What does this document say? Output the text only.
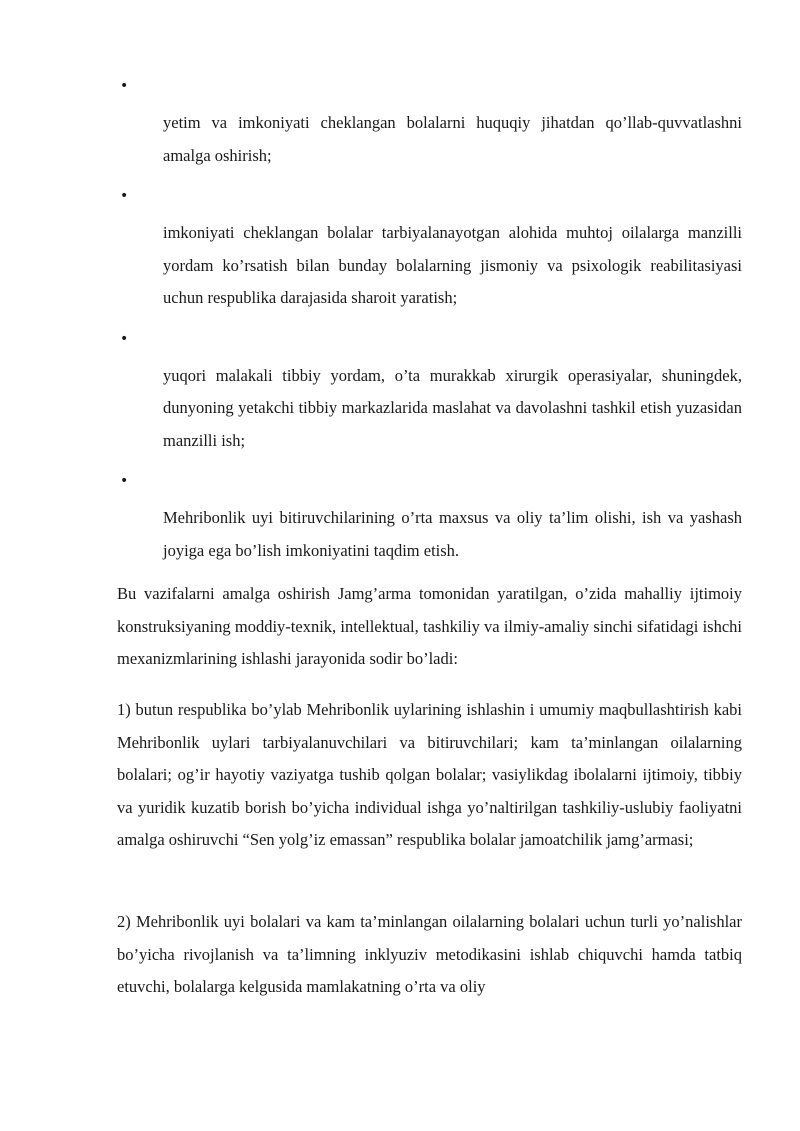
•
yetim va imkoniyati cheklangan bolalarni huquqiy jihatdan qo’llab-quvvatlashni amalga oshirish;
•
imkoniyati cheklangan bolalar tarbiyalanayotgan alohida muhtoj oilalarga manzilli yordam ko’rsatish bilan bunday bolalarning jismoniy va psixologik reabilitasiyasi uchun respublika darajasida sharoit yaratish;
•
yuqori malakali tibbiy yordam, o’ta murakkab xirurgik operasiyalar, shuningdek, dunyoning yetakchi tibbiy markazlarida maslahat va davolashni tashkil etish yuzasidan manzilli ish;
•
Mehribonlik uyi bitiruvchilarining o’rta maxsus va oliy ta’lim olishi, ish va yashash joyiga ega bo’lish imkoniyatini taqdim etish.

Bu vazifalarni amalga oshirish Jamg’arma tomonidan yaratilgan, o’zida mahalliy ijtimoiy konstruksiyaning moddiy-texnik, intellektual, tashkiliy va ilmiy-amaliy sinchi sifatidagi ishchi mexanizmlarining ishlashi jarayonida sodir bo’ladi:

1) butun respublika bo’ylab Mehribonlik uylarining ishlashin i umumiy maqbullashtirish kabi Mehribonlik uylari tarbiyalanuvchilari va bitiruvchilari; kam ta’minlangan oilalarning bolalari; og’ir hayotiy vaziyatga tushib qolgan bolalar; vasiylikdag ibolalarni ijtimoiy, tibbiy va yuridik kuzatib borish bo’yicha individual ishga yo’naltirilgan tashkiliy-uslubiy faoliyatni amalga oshiruvchi “Sen yolg’iz emassan” respublika bolalar jamoatchilik jamg’armasi;

2) Mehribonlik uyi bolalari va kam ta’minlangan oilalarning bolalari uchun turli yo’nalishlar bo’yicha rivojlanish va ta’limning inklyuziv metodikasini ishlab chiquvchi hamda tatbiq etuvchi, bolalarga kelgusida mamlakatning o’rta va oliy
